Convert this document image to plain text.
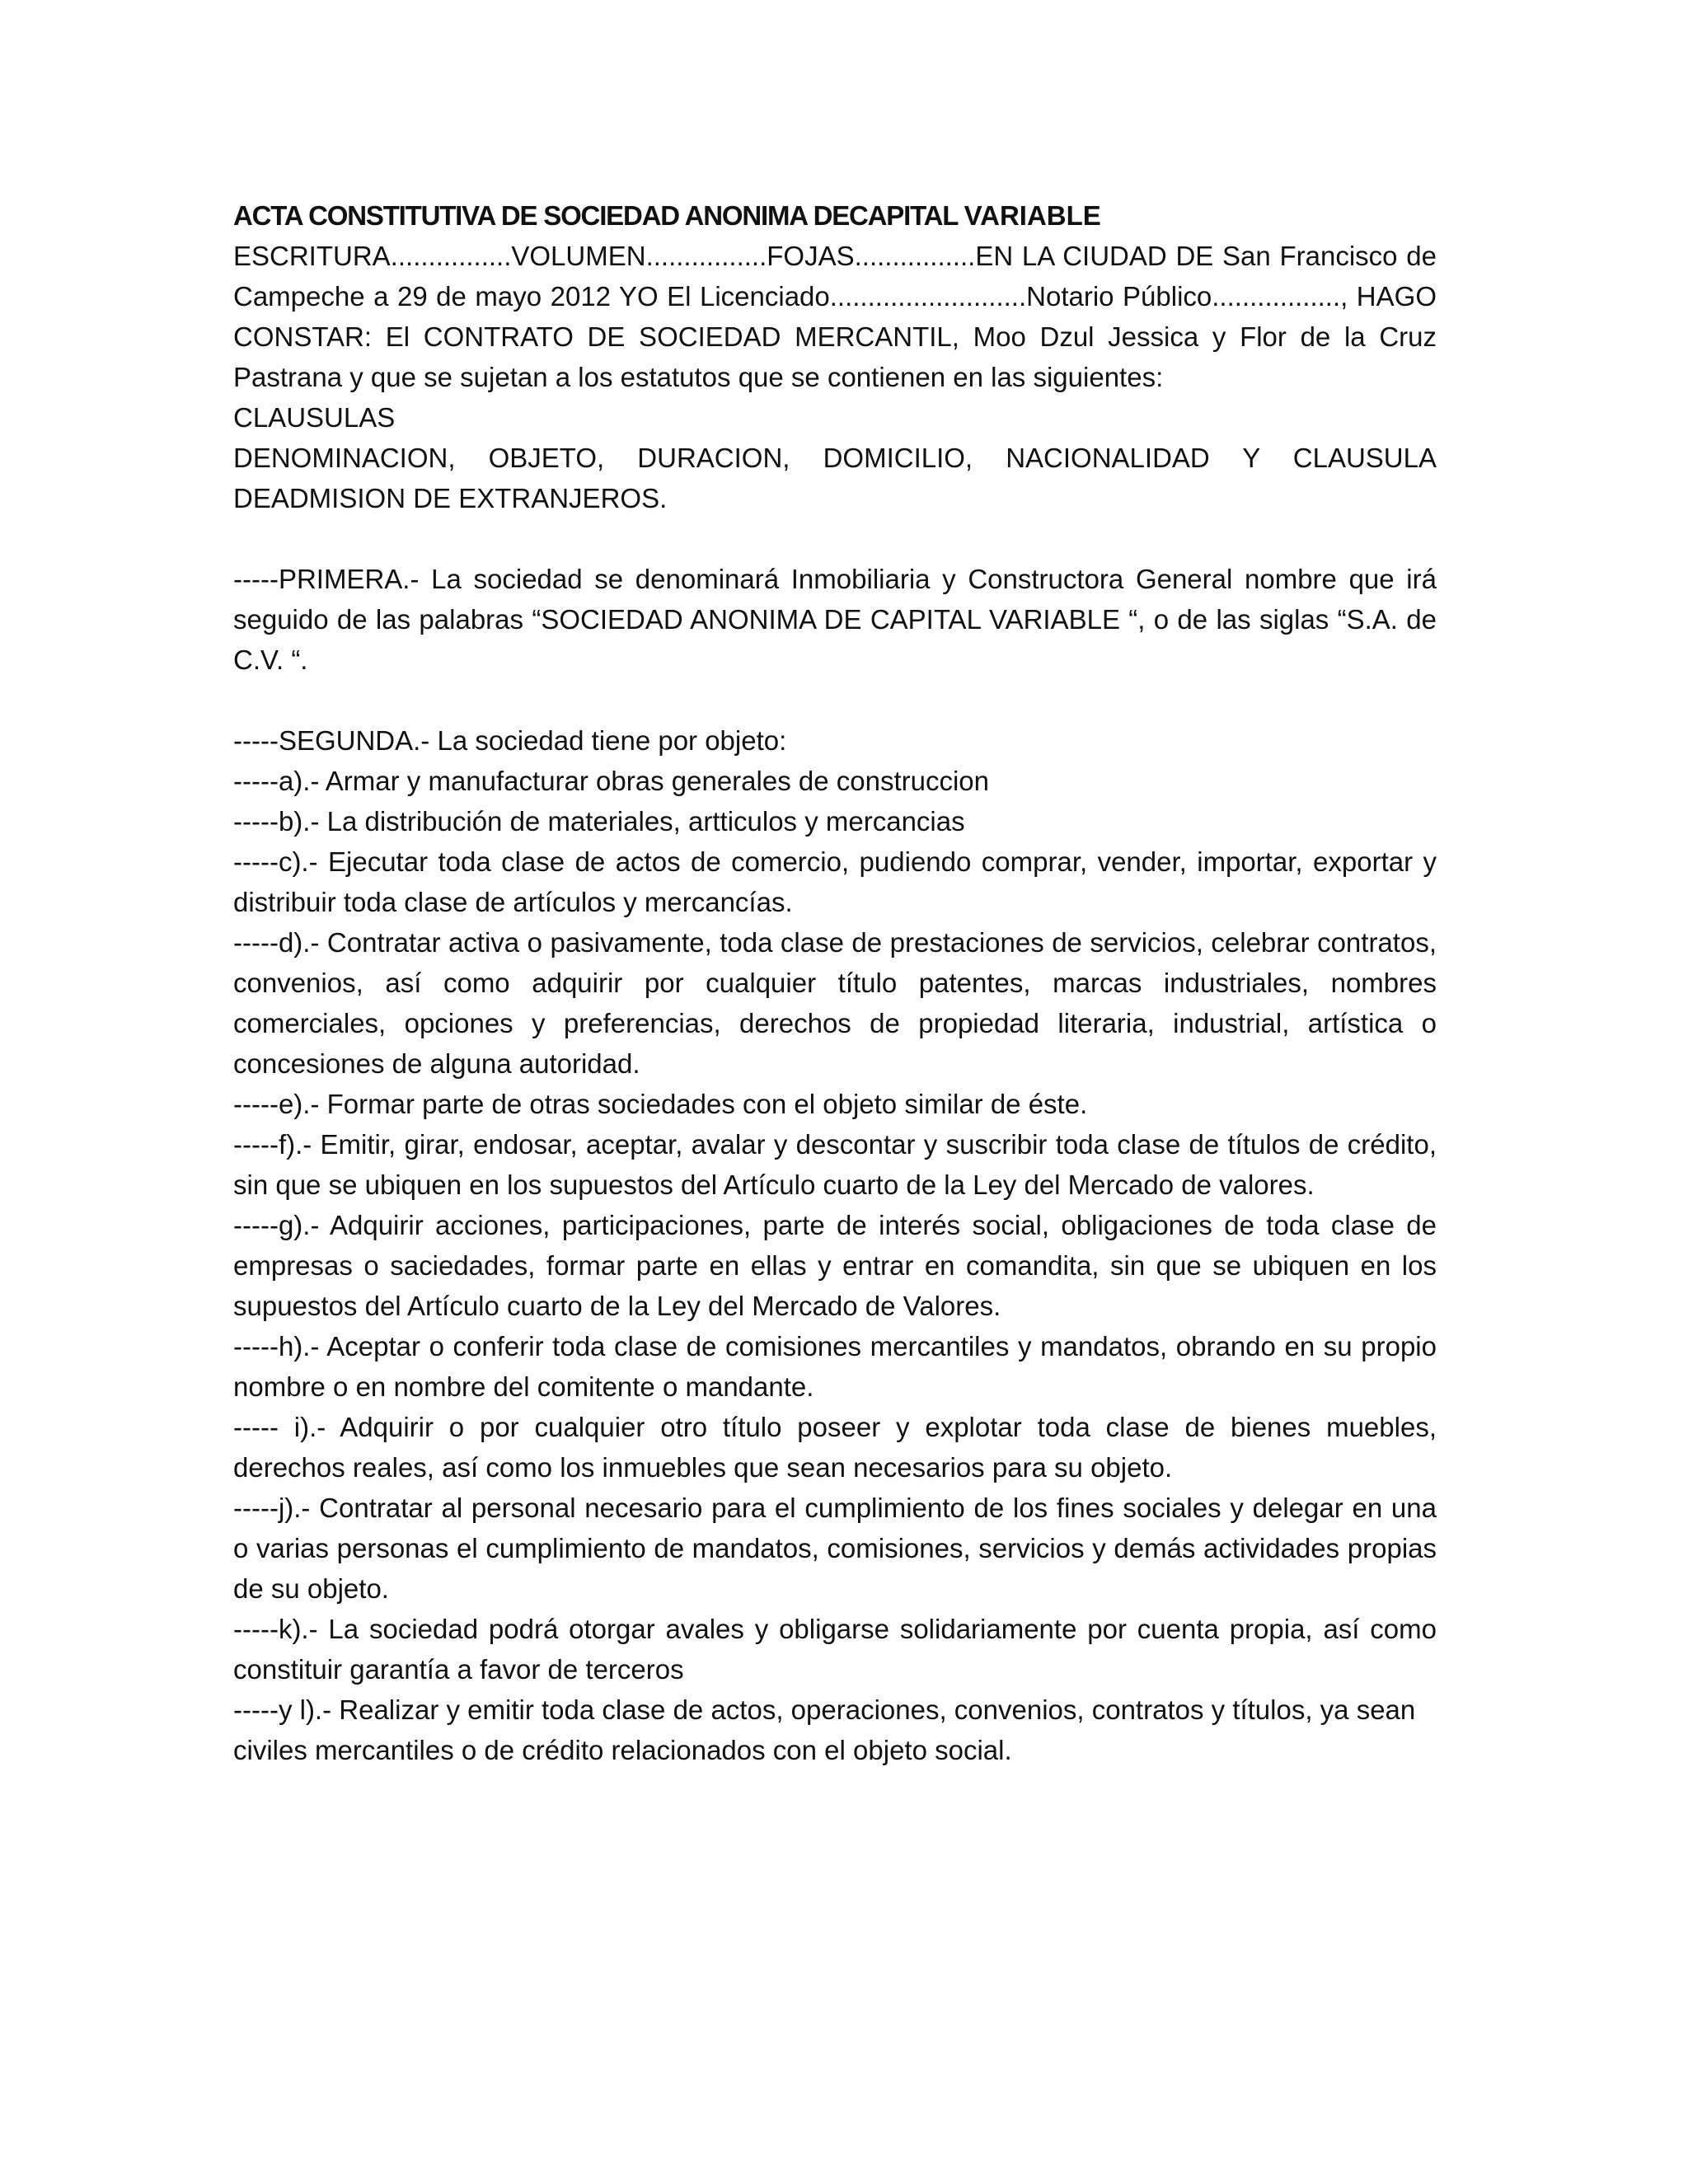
ACTA CONSTITUTIVA DE SOCIEDAD ANONIMA DECAPITAL VARIABLE

ESCRITURA................VOLUMEN................FOJAS................EN LA CIUDAD DE San Francisco de Campeche a 29 de mayo 2012 YO El Licenciado..........................Notario Público................., HAGO CONSTAR: El CONTRATO DE SOCIEDAD MERCANTIL, Moo Dzul Jessica y Flor de la Cruz Pastrana y que se sujetan a los estatutos que se contienen en las siguientes:

CLAUSULAS

DENOMINACION, OBJETO, DURACION, DOMICILIO, NACIONALIDAD Y CLAUSULA DEADMISION DE EXTRANJEROS.

-----PRIMERA.- La sociedad se denominará Inmobiliaria y Constructora General nombre que irá seguido de las palabras “SOCIEDAD ANONIMA DE CAPITAL VARIABLE “, o de las siglas “S.A. de C.V. “.

-----SEGUNDA.- La sociedad tiene por objeto:

-----a).- Armar y manufacturar obras generales de construccion

-----b).- La distribución de materiales, artticulos y mercancias

-----c).- Ejecutar toda clase de actos de comercio, pudiendo comprar, vender, importar, exportar y distribuir toda clase de artículos y mercancías.

-----d).- Contratar activa o pasivamente, toda clase de prestaciones de servicios, celebrar contratos, convenios, así como adquirir por cualquier título patentes, marcas industriales, nombres comerciales, opciones y preferencias, derechos de propiedad literaria, industrial, artística o concesiones de alguna autoridad.

-----e).- Formar parte de otras sociedades con el objeto similar de éste.

-----f).- Emitir, girar, endosar, aceptar, avalar y descontar y suscribir toda clase de títulos de crédito, sin que se ubiquen en los supuestos del Artículo cuarto de la Ley del Mercado de valores.

-----g).- Adquirir acciones, participaciones, parte de interés social, obligaciones de toda clase de empresas o saciedades, formar parte en ellas y entrar en comandita, sin que se ubiquen en los supuestos del Artículo cuarto de la Ley del Mercado de Valores.

-----h).- Aceptar o conferir toda clase de comisiones mercantiles y mandatos, obrando en su propio nombre o en nombre del comitente o mandante.

----- i).- Adquirir o por cualquier otro título poseer y explotar toda clase de bienes muebles, derechos reales, así como los inmuebles que sean necesarios para su objeto.

-----j).- Contratar al personal necesario para el cumplimiento de los fines sociales y delegar en una o varias personas el cumplimiento de mandatos, comisiones, servicios y demás actividades propias de su objeto.

-----k).- La sociedad podrá otorgar avales y obligarse solidariamente por cuenta propia, así como constituir garantía a favor de terceros

-----y l).- Realizar y emitir toda clase de actos, operaciones, convenios, contratos y títulos, ya sean civiles mercantiles o de crédito relacionados con el objeto social.
